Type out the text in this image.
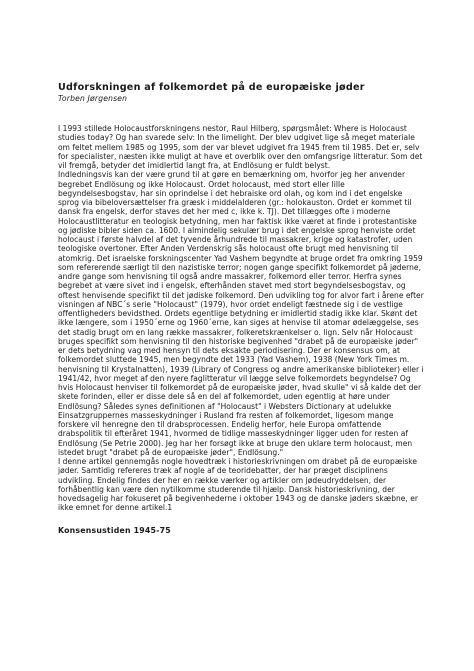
Udforskningen af folkemordet på de europæiske jøder
Torben Jørgensen

I 1993 stillede Holocaustforskningens nestor, Raul Hilberg, spørgsmålet: Where is Holocaust studies today? Og han svarede selv: In the limelight. Der blev udgivet lige så meget materiale om feltet mellem 1985 og 1995, som der var blevet udgivet fra 1945 frem til 1985. Det er, selv for specialister, næsten ikke muligt at have et overblik over den omfangsrige litteratur. Som det vil fremgå, betyder det imidlertid langt fra, at Endlösung er fuldt belyst.

Indledningsvis kan der være grund til at gøre en bemærkning om, hvorfor jeg her anvender begrebet Endlösung og ikke Holocaust. Ordet holocaust, med stort eller lille begyndelsesbogstav, har sin oprindelse i det hebraiske ord olah, og kom ind i det engelske sprog via bibeloversættelser fra græsk i middelalderen (gr.: holokauston. Ordet er kommet til dansk fra engelsk, derfor staves det her med c, ikke k. TJ). Det tillægges ofte i moderne Holocaustlitteratur en teologisk betydning, men har faktisk ikke været at finde i protestantiske og jødiske bibler siden ca. 1600. I almindelig sekulær brug i det engelske sprog henviste ordet holocaust i første halvdel af det tyvende århundrede til massakrer, krige og katastrofer, uden teologiske overtoner. Efter Anden Verdenskrig sås holocaust ofte brugt med henvisning til atomkrig. Det israelske forskningscenter Yad Vashem begyndte at bruge ordet fra omkring 1959 som refererende særligt til den nazistiske terror; nogen gange specifikt folkemordet på jøderne, andre gange som henvisning til også andre massakrer, folkemord eller terror. Herfra synes begrebet at være sivet ind i engelsk, efterhånden stavet med stort begyndelsesbogstav, og oftest henvisende specifikt til det jødiske folkemord. Den udvikling tog for alvor fart i årene efter visningen af NBC´s serie "Holocaust" (1979), hvor ordet endeligt fæstnede sig i de vestlige offentligheders bevidsthed. Ordets egentlige betydning er imidlertid stadig ikke klar. Skønt det ikke længere, som i 1950´erne og 1960´erne, kan siges at henvise til atomar ødelæggelse, ses det stadig brugt om en lang række massakrer, folkeretskrænkelser o. lign. Selv når Holocaust bruges specifikt som henvisning til den historiske begivenhed "drabet på de europæiske jøder" er dets betydning vag med hensyn til dets eksakte periodisering. Der er konsensus om, at folkemordet sluttede 1945, men begyndte det 1933 (Yad Vashem), 1938 (New York Times m. henvisning til Krystalnatten), 1939 (Library of Congress og andre amerikanske biblioteker) eller i 1941/42, hvor meget af den nyere faglitteratur vil lægge selve folkemordets begyndelse? Og hvis Holocaust henviser til folkemordet på de europæiske jøder, hvad skulle" vi så kalde det der skete forinden, eller er disse dele så en del af folkemordet, uden egentlig at høre under Endlösung? Således synes definitionen af "Holocaust" i Websters Dictionary at udelukke Einsatzgruppernes masseskydninger i Rusland fra resten af folkemordet, ligesom mange forskere vil henregne den til drabsprocessen. Endelig herfor, hele Europa omfattende drabspolitik til efteråret 1941, hvormed de tidlige masseskydninger ligger uden for resten af Endlösung (Se Petrie 2000). Jeg har her forsøgt ikke at bruge den uklare term holocaust, men istedet brugt "drabet på de europæiske jøder", Endlösung."

I denne artikel gennemgås nogle hovedtræk i historieskrivningen om drabet på de europæiske jøder. Samtidig refereres træk af nogle af de teoridebatter, der har præget disciplinens udvikling. Endelig findes der her en række værker og artikler om jødeudryddelsen, der forhåbentlig kan være den nytilkomme studerende til hjælp. Dansk historieskrivning, der hovedsagelig har fokuseret på begivenhederne i oktober 1943 og de danske jøders skæbne, er ikke emnet for denne artikel.1

Konsensustiden 1945-75
